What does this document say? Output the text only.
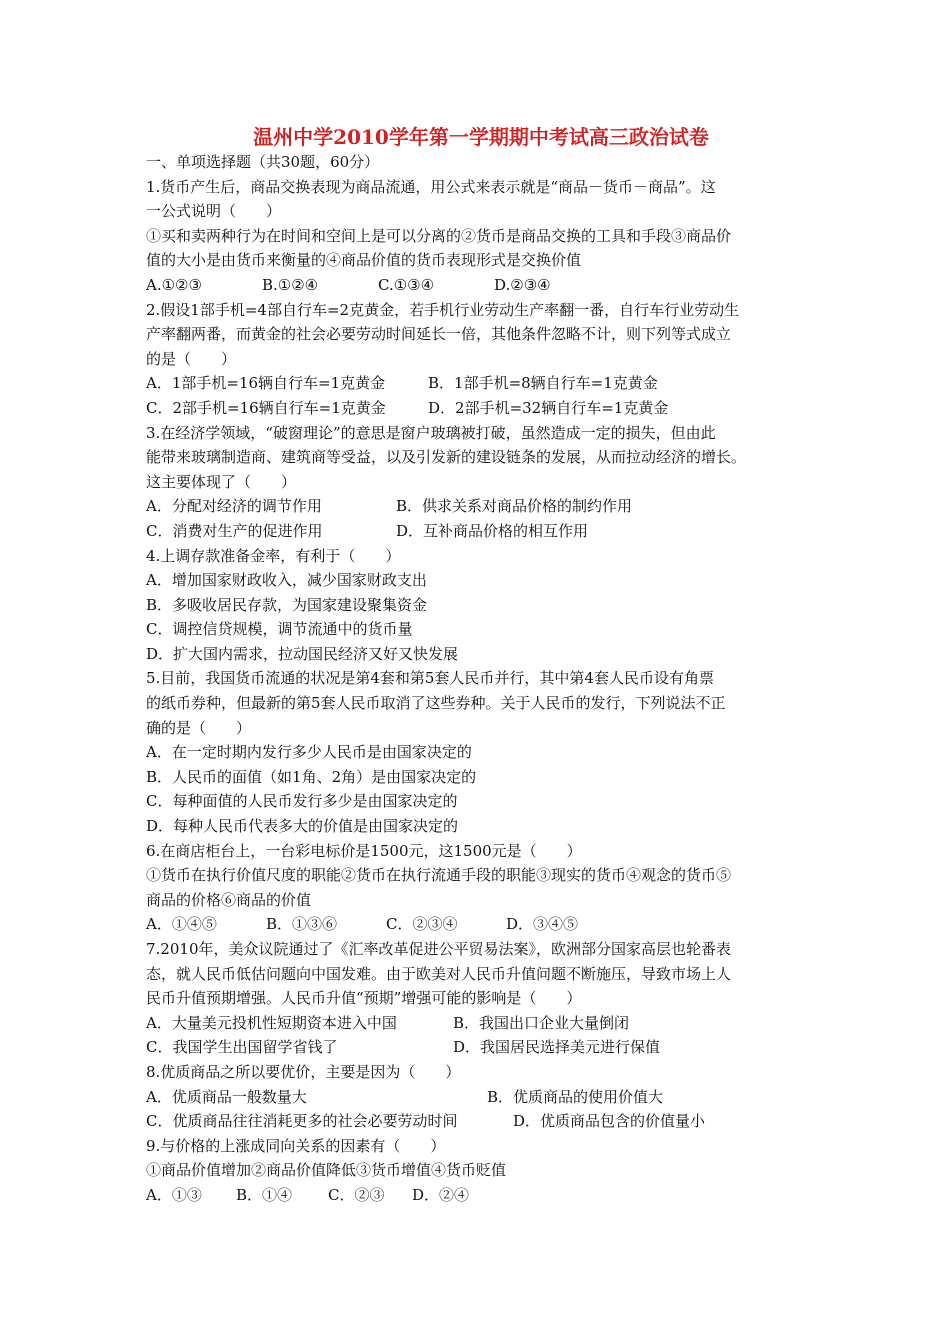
温州中学2010学年第一学期期中考试高三政治试卷
一、单项选择题（共30题，60分）
1.货币产生后，商品交换表现为商品流通，用公式来表示就是“商品－货币－商品”。这
一公式说明（　　）
①买和卖两种行为在时间和空间上是可以分离的②货币是商品交换的工具和手段③商品价
值的大小是由货币来衡量的④商品价值的货币表现形式是交换价值
A.①②③	B.①②④	C.①③④	D.②③④
2.假设1部手机=4部自行车=2克黄金，若手机行业劳动生产率翻一番，自行车行业劳动生
产率翻两番，而黄金的社会必要劳动时间延长一倍，其他条件忽略不计，则下列等式成立
的是（　　）
A．1部手机=16辆自行车=1克黄金	B．1部手机=8辆自行车=1克黄金
C．2部手机=16辆自行车=1克黄金	D．2部手机=32辆自行车=1克黄金
3.在经济学领域，“破窗理论”的意思是窗户玻璃被打破，虽然造成一定的损失，但由此
能带来玻璃制造商、建筑商等受益，以及引发新的建设链条的发展，从而拉动经济的增长。
这主要体现了（　　）
A．分配对经济的调节作用	B．供求关系对商品价格的制约作用
C．消费对生产的促进作用	D．互补商品价格的相互作用
4.上调存款准备金率，有利于（　　）
A．增加国家财政收入，减少国家财政支出
B．多吸收居民存款，为国家建设聚集资金
C．调控信贷规模，调节流通中的货币量
D．扩大国内需求，拉动国民经济又好又快发展
5.目前，我国货币流通的状况是第4套和第5套人民币并行，其中第4套人民币设有角票
的纸币券种，但最新的第5套人民币取消了这些券种。关于人民币的发行，下列说法不正
确的是（　　）
A．在一定时期内发行多少人民币是由国家决定的
B．人民币的面值（如1角、2角）是由国家决定的
C．每种面值的人民币发行多少是由国家决定的
D．每种人民币代表多大的价值是由国家决定的
6.在商店柜台上，一台彩电标价是1500元，这1500元是（　　）
①货币在执行价值尺度的职能②货币在执行流通手段的职能③现实的货币④观念的货币⑤
商品的价格⑥商品的价值
A．①④⑤	B．①③⑥	C．②③④	D．③④⑤
7.2010年，美众议院通过了《汇率改革促进公平贸易法案》，欧洲部分国家高层也轮番表
态，就人民币低估问题向中国发难。由于欧美对人民币升值问题不断施压，导致市场上人
民币升值预期增强。人民币升值“预期”增强可能的影响是（　　）
A．大量美元投机性短期资本进入中国	B．我国出口企业大量倒闭
C．我国学生出国留学省钱了	D．我国居民选择美元进行保值
8.优质商品之所以要优价，主要是因为（　　）
A．优质商品一般数量大	B．优质商品的使用价值大
C．优质商品往往消耗更多的社会必要劳动时间	D．优质商品包含的价值量小
9.与价格的上涨成同向关系的因素有（　　）
①商品价值增加②商品价值降低③货币增值④货币贬值
A．①③	B．①④	C．②③	D．②④
